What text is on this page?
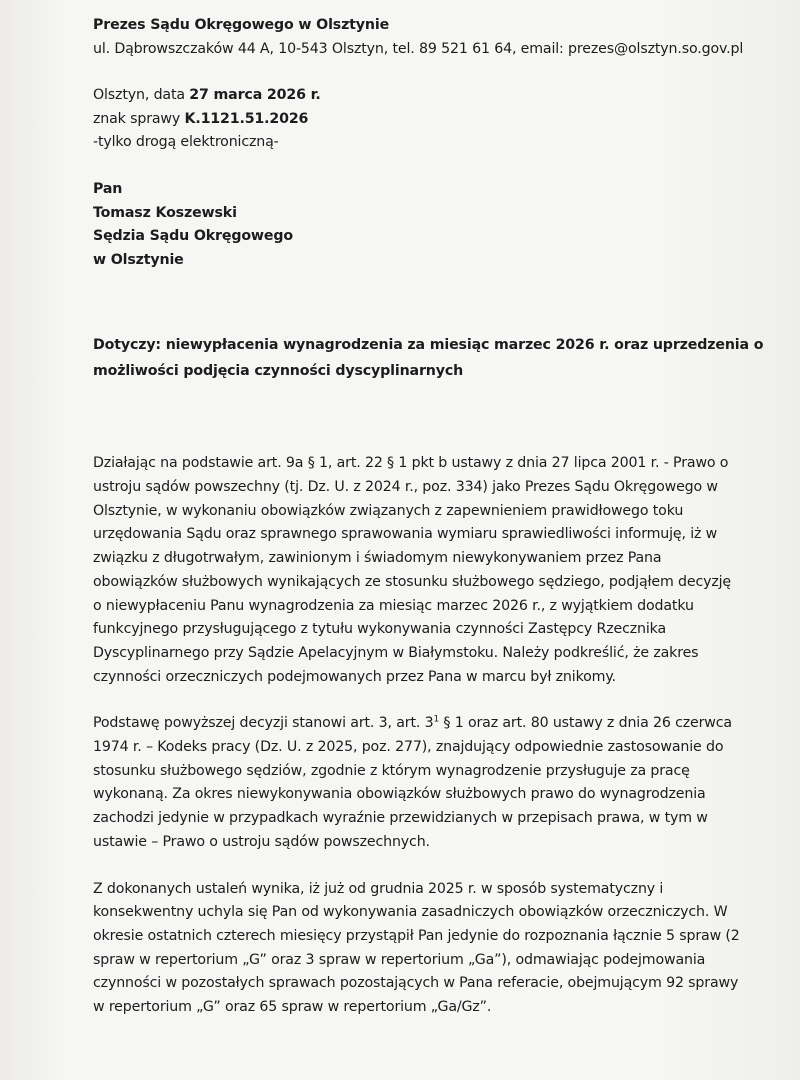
Prezes Sądu Okręgowego w Olsztynie
ul. Dąbrowszczaków 44 A, 10-543 Olsztyn, tel. 89 521 61 64, email: prezes@olsztyn.so.gov.pl
Olsztyn, data 27 marca 2026 r.
znak sprawy K.1121.51.2026
-tylko drogą elektroniczną-
Pan
Tomasz Koszewski
Sędzia Sądu Okręgowego
w Olsztynie
Dotyczy: niewypłacenia wynagrodzenia za miesiąc marzec 2026 r. oraz uprzedzenia o
możliwości podjęcia czynności dyscyplinarnych
Działając na podstawie art. 9a § 1, art. 22 § 1 pkt b ustawy z dnia 27 lipca 2001 r. - Prawo o
ustroju sądów powszechny (tj. Dz. U. z 2024 r., poz. 334) jako Prezes Sądu Okręgowego w
Olsztynie, w wykonaniu obowiązków związanych z zapewnieniem prawidłowego toku
urzędowania Sądu oraz sprawnego sprawowania wymiaru sprawiedliwości informuję, iż w
związku z długotrwałym, zawinionym i świadomym niewykonywaniem przez Pana
obowiązków służbowych wynikających ze stosunku służbowego sędziego, podjąłem decyzję
o niewypłaceniu Panu wynagrodzenia za miesiąc marzec 2026 r., z wyjątkiem dodatku
funkcyjnego przysługującego z tytułu wykonywania czynności Zastępcy Rzecznika
Dyscyplinarnego przy Sądzie Apelacyjnym w Białymstoku. Należy podkreślić, że zakres
czynności orzeczniczych podejmowanych przez Pana w marcu był znikomy.
Podstawę powyższej decyzji stanowi art. 3, art. $3^1$ § 1 oraz art. 80 ustawy z dnia 26 czerwca
1974 r. – Kodeks pracy (Dz. U. z 2025, poz. 277), znajdujący odpowiednie zastosowanie do
stosunku służbowego sędziów, zgodnie z którym wynagrodzenie przysługuje za pracę
wykonaną. Za okres niewykonywania obowiązków służbowych prawo do wynagrodzenia
zachodzi jedynie w przypadkach wyraźnie przewidzianych w przepisach prawa, w tym w
ustawie – Prawo o ustroju sądów powszechnych.
Z dokonanych ustaleń wynika, iż już od grudnia 2025 r. w sposób systematyczny i
konsekwentny uchyla się Pan od wykonywania zasadniczych obowiązków orzeczniczych. W
okresie ostatnich czterech miesięcy przystąpił Pan jedynie do rozpoznania łącznie 5 spraw (2
spraw w repertorium „G” oraz 3 spraw w repertorium „Ga”), odmawiając podejmowania
czynności w pozostałych sprawach pozostających w Pana referacie, obejmującym 92 sprawy
w repertorium „G” oraz 65 spraw w repertorium „Ga/Gz”.
